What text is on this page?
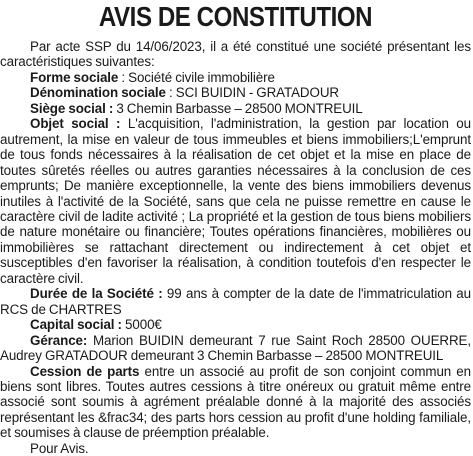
AVIS DE CONSTITUTION

Par acte SSP du 14/06/2023, il a été constitué une société présentant les caractéristiques suivantes:

Forme sociale : Société civile immobilière

Dénomination sociale : SCI BUIDIN - GRATADOUR

Siège social : 3 Chemin Barbasse – 28500 MONTREUIL

Objet social : L'acquisition, l'administration, la gestion par location ou autrement, la mise en valeur de tous immeubles et biens immobiliers;L'emprunt de tous fonds nécessaires à la réalisation de cet objet et la mise en place de toutes sûretés réelles ou autres garanties nécessaires à la conclusion de ces emprunts; De manière exceptionnelle, la vente des biens immobiliers devenus inutiles à l'activité de la Société, sans que cela ne puisse remettre en cause le caractère civil de ladite activité ; La propriété et la gestion de tous biens mobiliers de nature monétaire ou financière; Toutes opérations financières, mobilières ou immobilières se rattachant directement ou indirectement à cet objet et susceptibles d'en favoriser la réalisation, à condition toutefois d'en respecter le caractère civil.

Durée de la Société : 99 ans à compter de la date de l'immatriculation au RCS de CHARTRES

Capital social : 5000€

Gérance: Marion BUIDIN demeurant 7 rue Saint Roch 28500 OUERRE, Audrey GRATADOUR demeurant 3 Chemin Barbasse – 28500 MONTREUIL

Cession de parts entre un associé au profit de son conjoint commun en biens sont libres. Toutes autres cessions à titre onéreux ou gratuit même entre associé sont soumis à agrément préalable donné à la majorité des associés représentant les &frac34; des parts hors cession au profit d'une holding familiale, et soumises à clause de préemption préalable.

Pour Avis.
